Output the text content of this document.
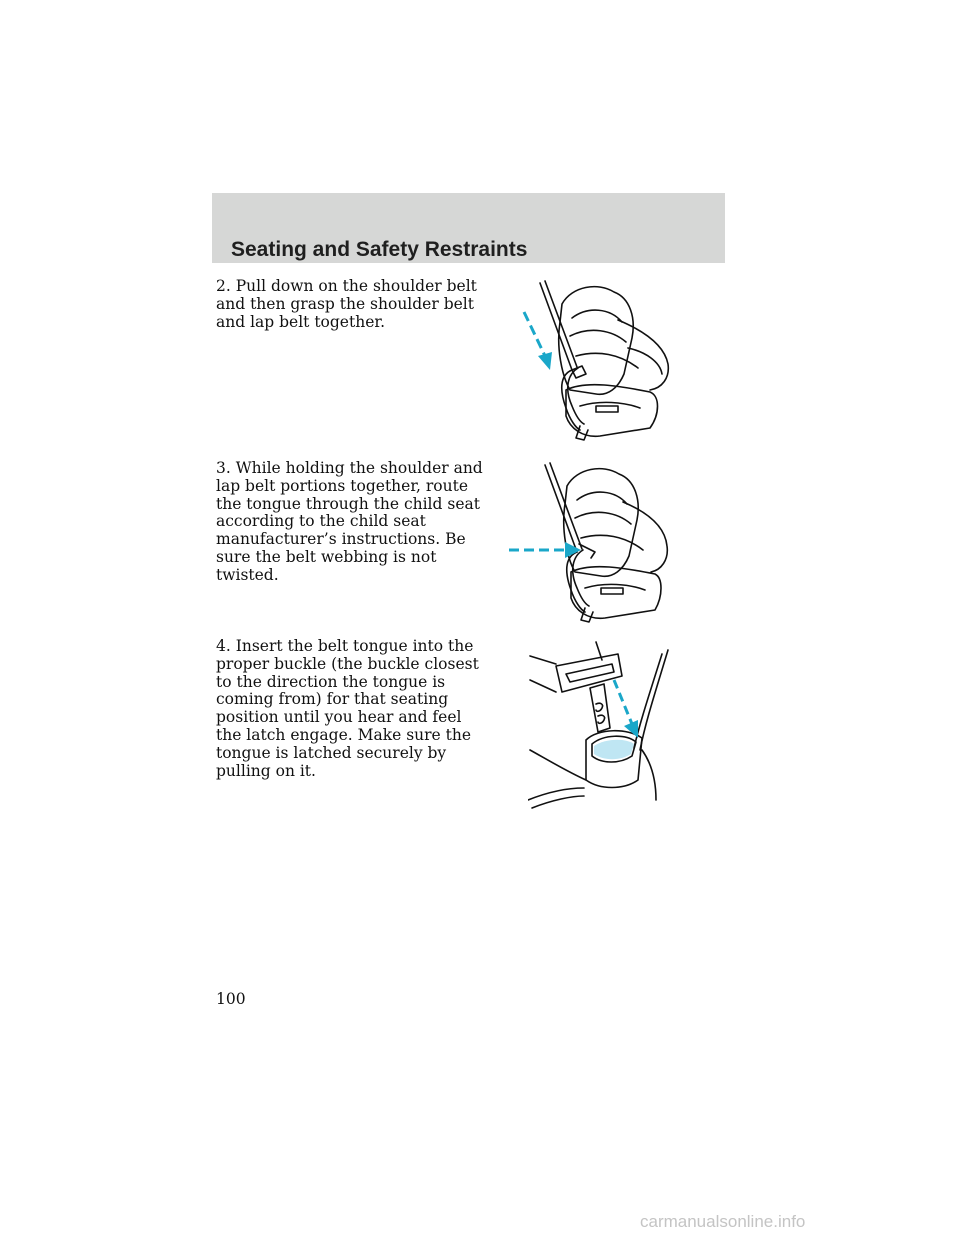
Seating and Safety Restraints
2. Pull down on the shoulder belt and then grasp the shoulder belt and lap belt together.
3. While holding the shoulder and lap belt portions together, route the tongue through the child seat according to the child seat manufacturer’s instructions. Be sure the belt webbing is not twisted.
4. Insert the belt tongue into the proper buckle (the buckle closest to the direction the tongue is coming from) for that seating position until you hear and feel the latch engage. Make sure the tongue is latched securely by pulling on it.
100
carmanualsonline.info
